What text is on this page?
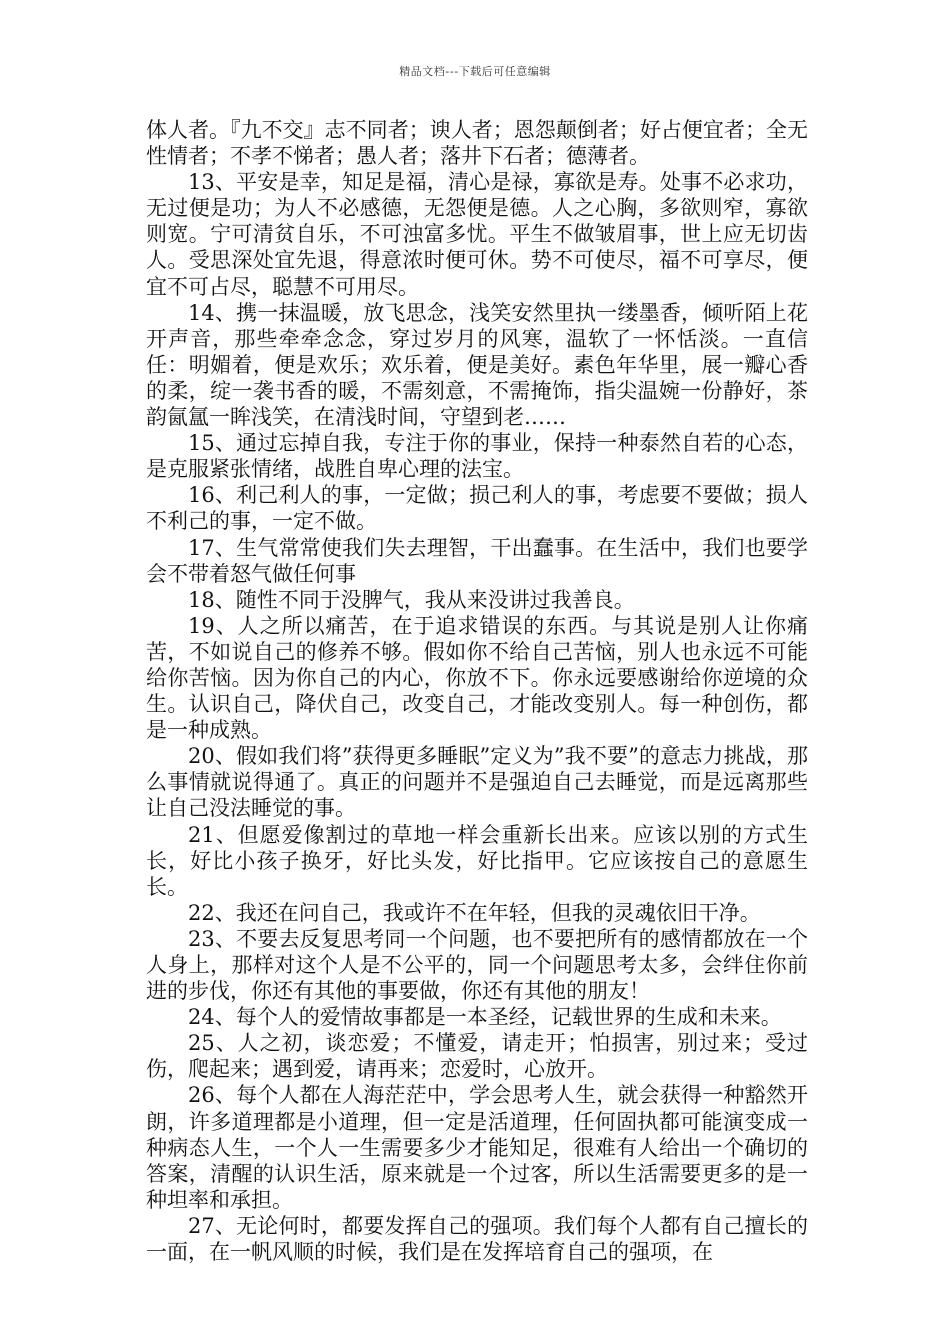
精品文档---下载后可任意编辑

体人者。『九不交』志不同者；谀人者；恩怨颠倒者；好占便宜者；全无性情者；不孝不悌者；愚人者；落井下石者；德薄者。

13、平安是幸，知足是福，清心是禄，寡欲是寿。处事不必求功，无过便是功；为人不必感德，无怨便是德。人之心胸，多欲则窄，寡欲则宽。宁可清贫自乐，不可浊富多忧。平生不做皱眉事，世上应无切齿人。受思深处宜先退，得意浓时便可休。势不可使尽，福不可享尽，便宜不可占尽，聪慧不可用尽。

14、携一抹温暖，放飞思念，浅笑安然里执一缕墨香，倾听陌上花开声音，那些牵牵念念，穿过岁月的风寒，温软了一怀恬淡。一直信任：明媚着，便是欢乐；欢乐着，便是美好。素色年华里，展一瓣心香的柔，绽一袭书香的暖，不需刻意，不需掩饰，指尖温婉一份静好，茶韵氤氲一眸浅笑，在清浅时间，守望到老……

15、通过忘掉自我，专注于你的事业，保持一种泰然自若的心态，是克服紧张情绪，战胜自卑心理的法宝。

16、利己利人的事，一定做；损己利人的事，考虑要不要做；损人不利己的事，一定不做。

17、生气常常使我们失去理智，干出蠢事。在生活中，我们也要学会不带着怒气做任何事

18、随性不同于没脾气，我从来没讲过我善良。

19、人之所以痛苦，在于追求错误的东西。与其说是别人让你痛苦，不如说自己的修养不够。假如你不给自己苦恼，别人也永远不可能给你苦恼。因为你自己的内心，你放不下。你永远要感谢给你逆境的众生。认识自己，降伏自己，改变自己，才能改变别人。每一种创伤，都是一种成熟。

20、假如我们将”获得更多睡眠”定义为”我不要”的意志力挑战，那么事情就说得通了。真正的问题并不是强迫自己去睡觉，而是远离那些让自己没法睡觉的事。

21、但愿爱像割过的草地一样会重新长出来。应该以别的方式生长，好比小孩子换牙，好比头发，好比指甲。它应该按自己的意愿生长。

22、我还在问自己，我或许不在年轻，但我的灵魂依旧干净。

23、不要去反复思考同一个问题，也不要把所有的感情都放在一个人身上，那样对这个人是不公平的，同一个问题思考太多，会绊住你前进的步伐，你还有其他的事要做，你还有其他的朋友！

24、每个人的爱情故事都是一本圣经，记载世界的生成和未来。

25、人之初，谈恋爱；不懂爱，请走开；怕损害，别过来；受过伤，爬起来；遇到爱，请再来；恋爱时，心放开。

26、每个人都在人海茫茫中，学会思考人生，就会获得一种豁然开朗，许多道理都是小道理，但一定是活道理，任何固执都可能演变成一种病态人生，一个人一生需要多少才能知足，很难有人给出一个确切的答案，清醒的认识生活，原来就是一个过客，所以生活需要更多的是一种坦率和承担。

27、无论何时，都要发挥自己的强项。我们每个人都有自己擅长的一面，在一帆风顺的时候，我们是在发挥培育自己的强项，在
